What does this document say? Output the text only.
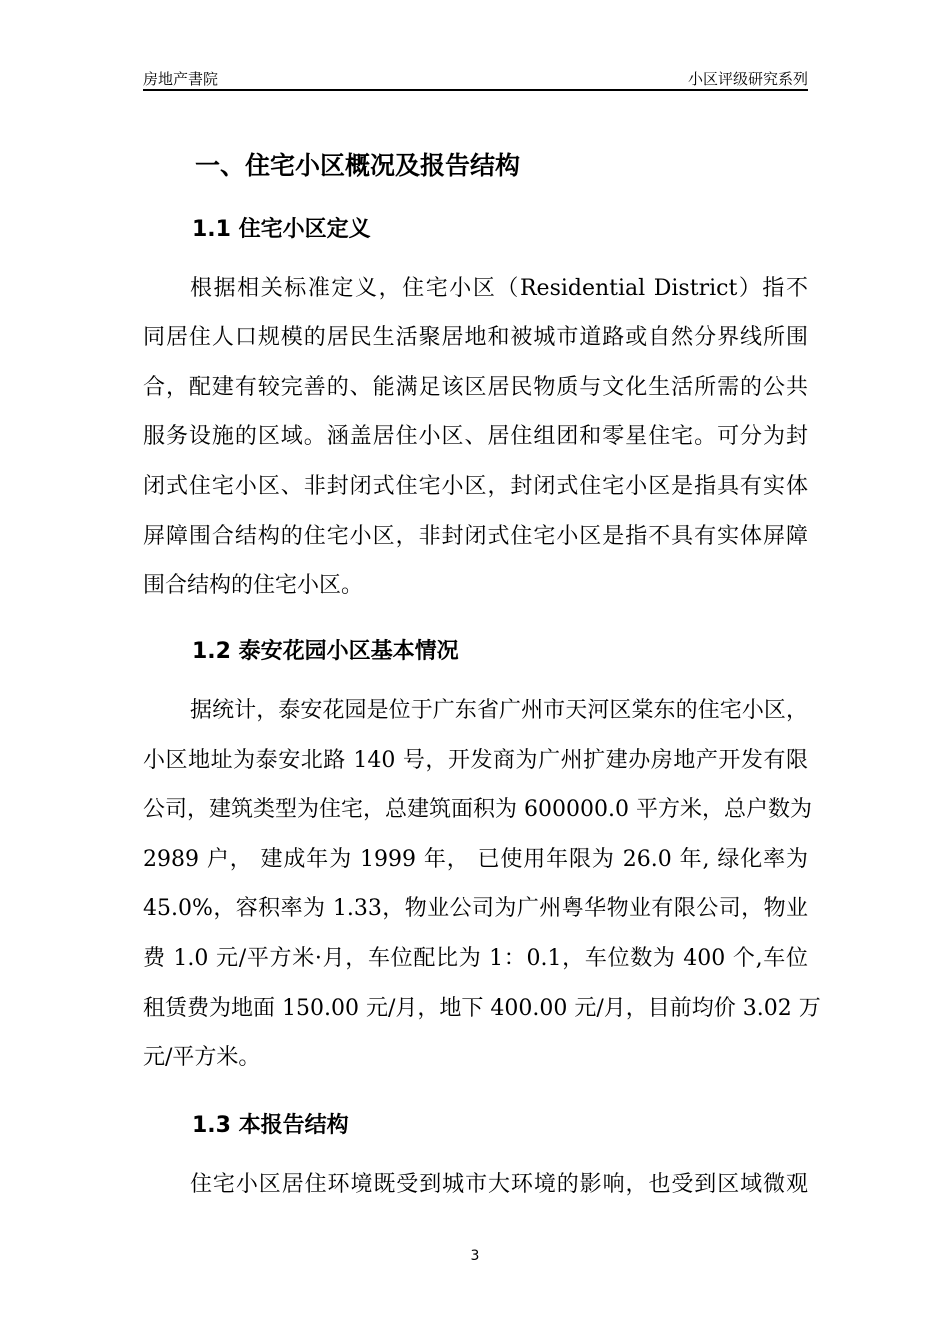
房地产書院	小区评级研究系列
一、住宅小区概况及报告结构
1.1 住宅小区定义
根据相关标准定义，住宅小区（Residential District）指不
同居住人口规模的居民生活聚居地和被城市道路或自然分界线所围
合，配建有较完善的、能满足该区居民物质与文化生活所需的公共
服务设施的区域。涵盖居住小区、居住组团和零星住宅。可分为封
闭式住宅小区、非封闭式住宅小区，封闭式住宅小区是指具有实体
屏障围合结构的住宅小区，非封闭式住宅小区是指不具有实体屏障
围合结构的住宅小区。
1.2 泰安花园小区基本情况
据统计，泰安花园是位于广东省广州市天河区棠东的住宅小区，
小区地址为泰安北路 140 号，开发商为广州扩建办房地产开发有限
公司，建筑类型为住宅，总建筑面积为 600000.0 平方米，总户数为
2989 户， 建成年为 1999 年， 已使用年限为 26.0 年, 绿化率为
45.0%，容积率为 1.33，物业公司为广州粤华物业有限公司，物业
费 1.0 元/平方米·月，车位配比为 1：0.1，车位数为 400 个,车位
租赁费为地面 150.00 元/月，地下 400.00 元/月，目前均价 3.02 万
元/平方米。
1.3 本报告结构
住宅小区居住环境既受到城市大环境的影响，也受到区域微观
3
